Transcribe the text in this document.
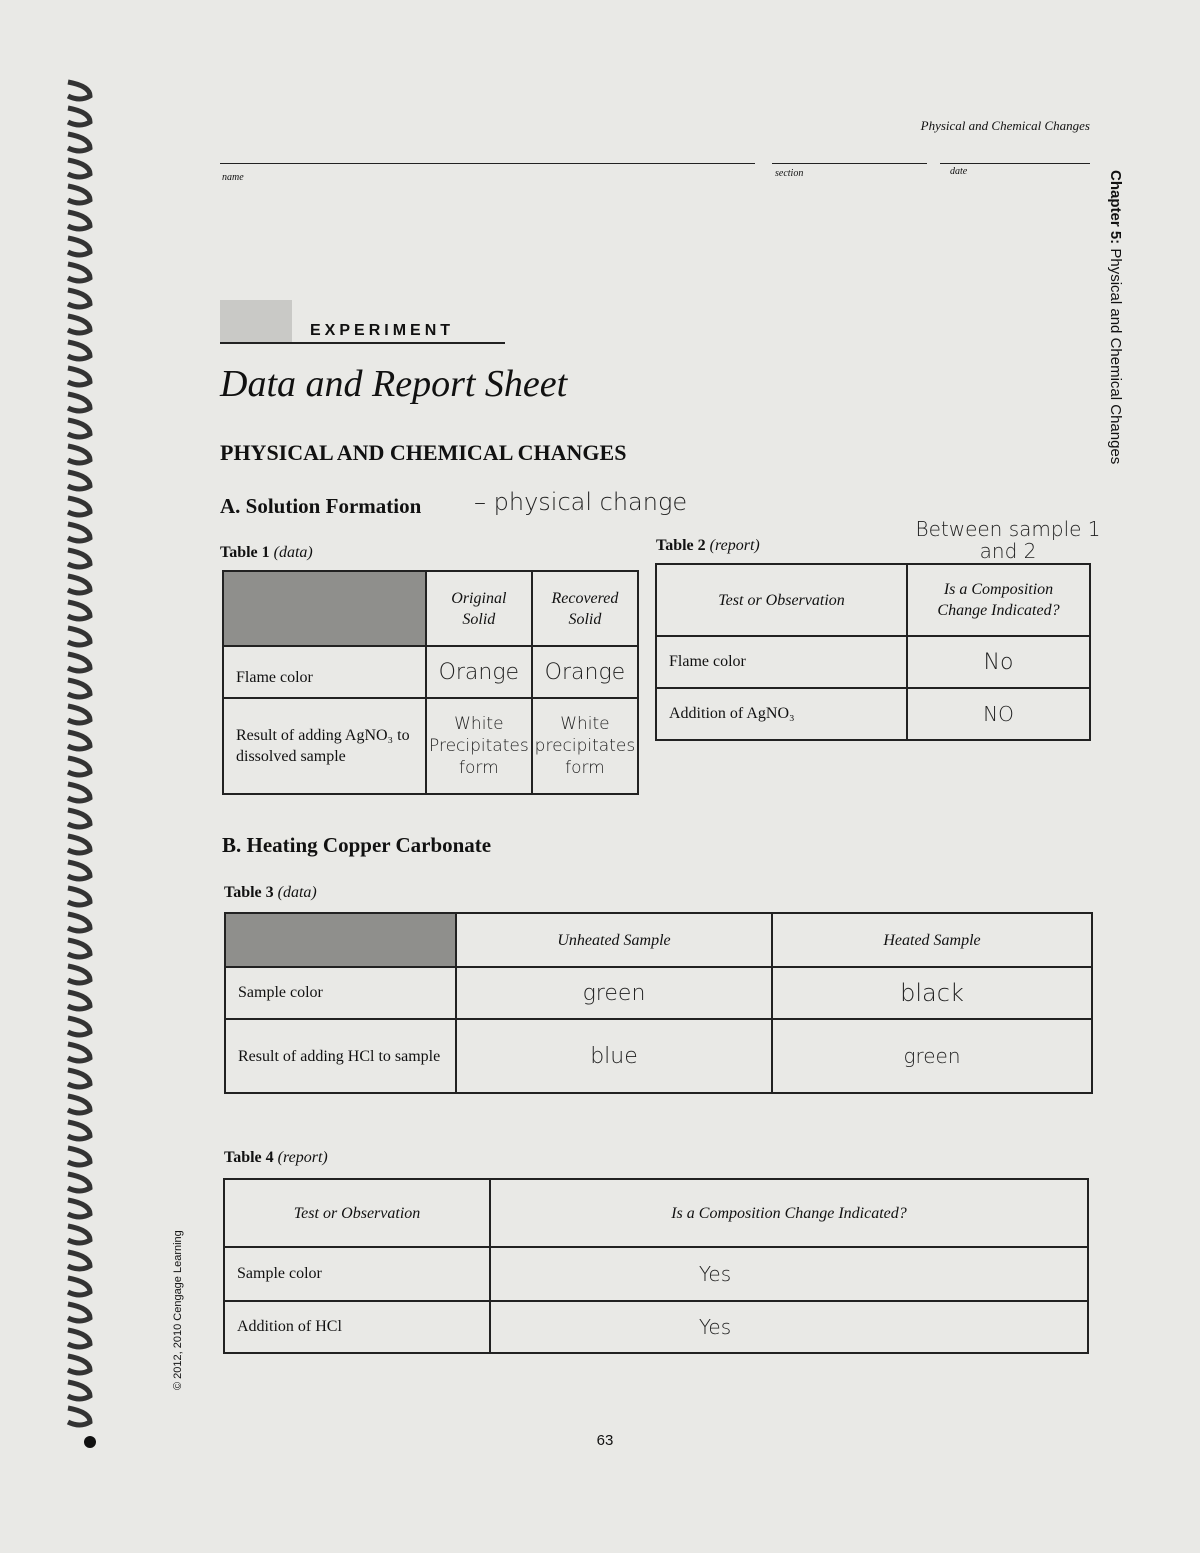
Physical and Chemical Changes
name	section	date	Chapter 5: Physical and Chemical Changes
EXPERIMENT
Data and Report Sheet
PHYSICAL AND CHEMICAL CHANGES
A. Solution Formation – physical change
Table 1 (data)
	Original Solid	Recovered Solid
Flame color	Orange	Orange
Result of adding AgNO₃ to dissolved sample	White Precipitates form	White precipitates form
Table 2 (report)
Between sample 1 and 2
Test or Observation	Is a Composition Change Indicated?
Flame color	No
Addition of AgNO₃	NO
B. Heating Copper Carbonate
Table 3 (data)
	Unheated Sample	Heated Sample
Sample color	green	black
Result of adding HCl to sample	blue	green
Table 4 (report)
Test or Observation	Is a Composition Change Indicated?
Sample color	Yes
Addition of HCl	Yes
© 2012, 2010 Cengage Learning
63
